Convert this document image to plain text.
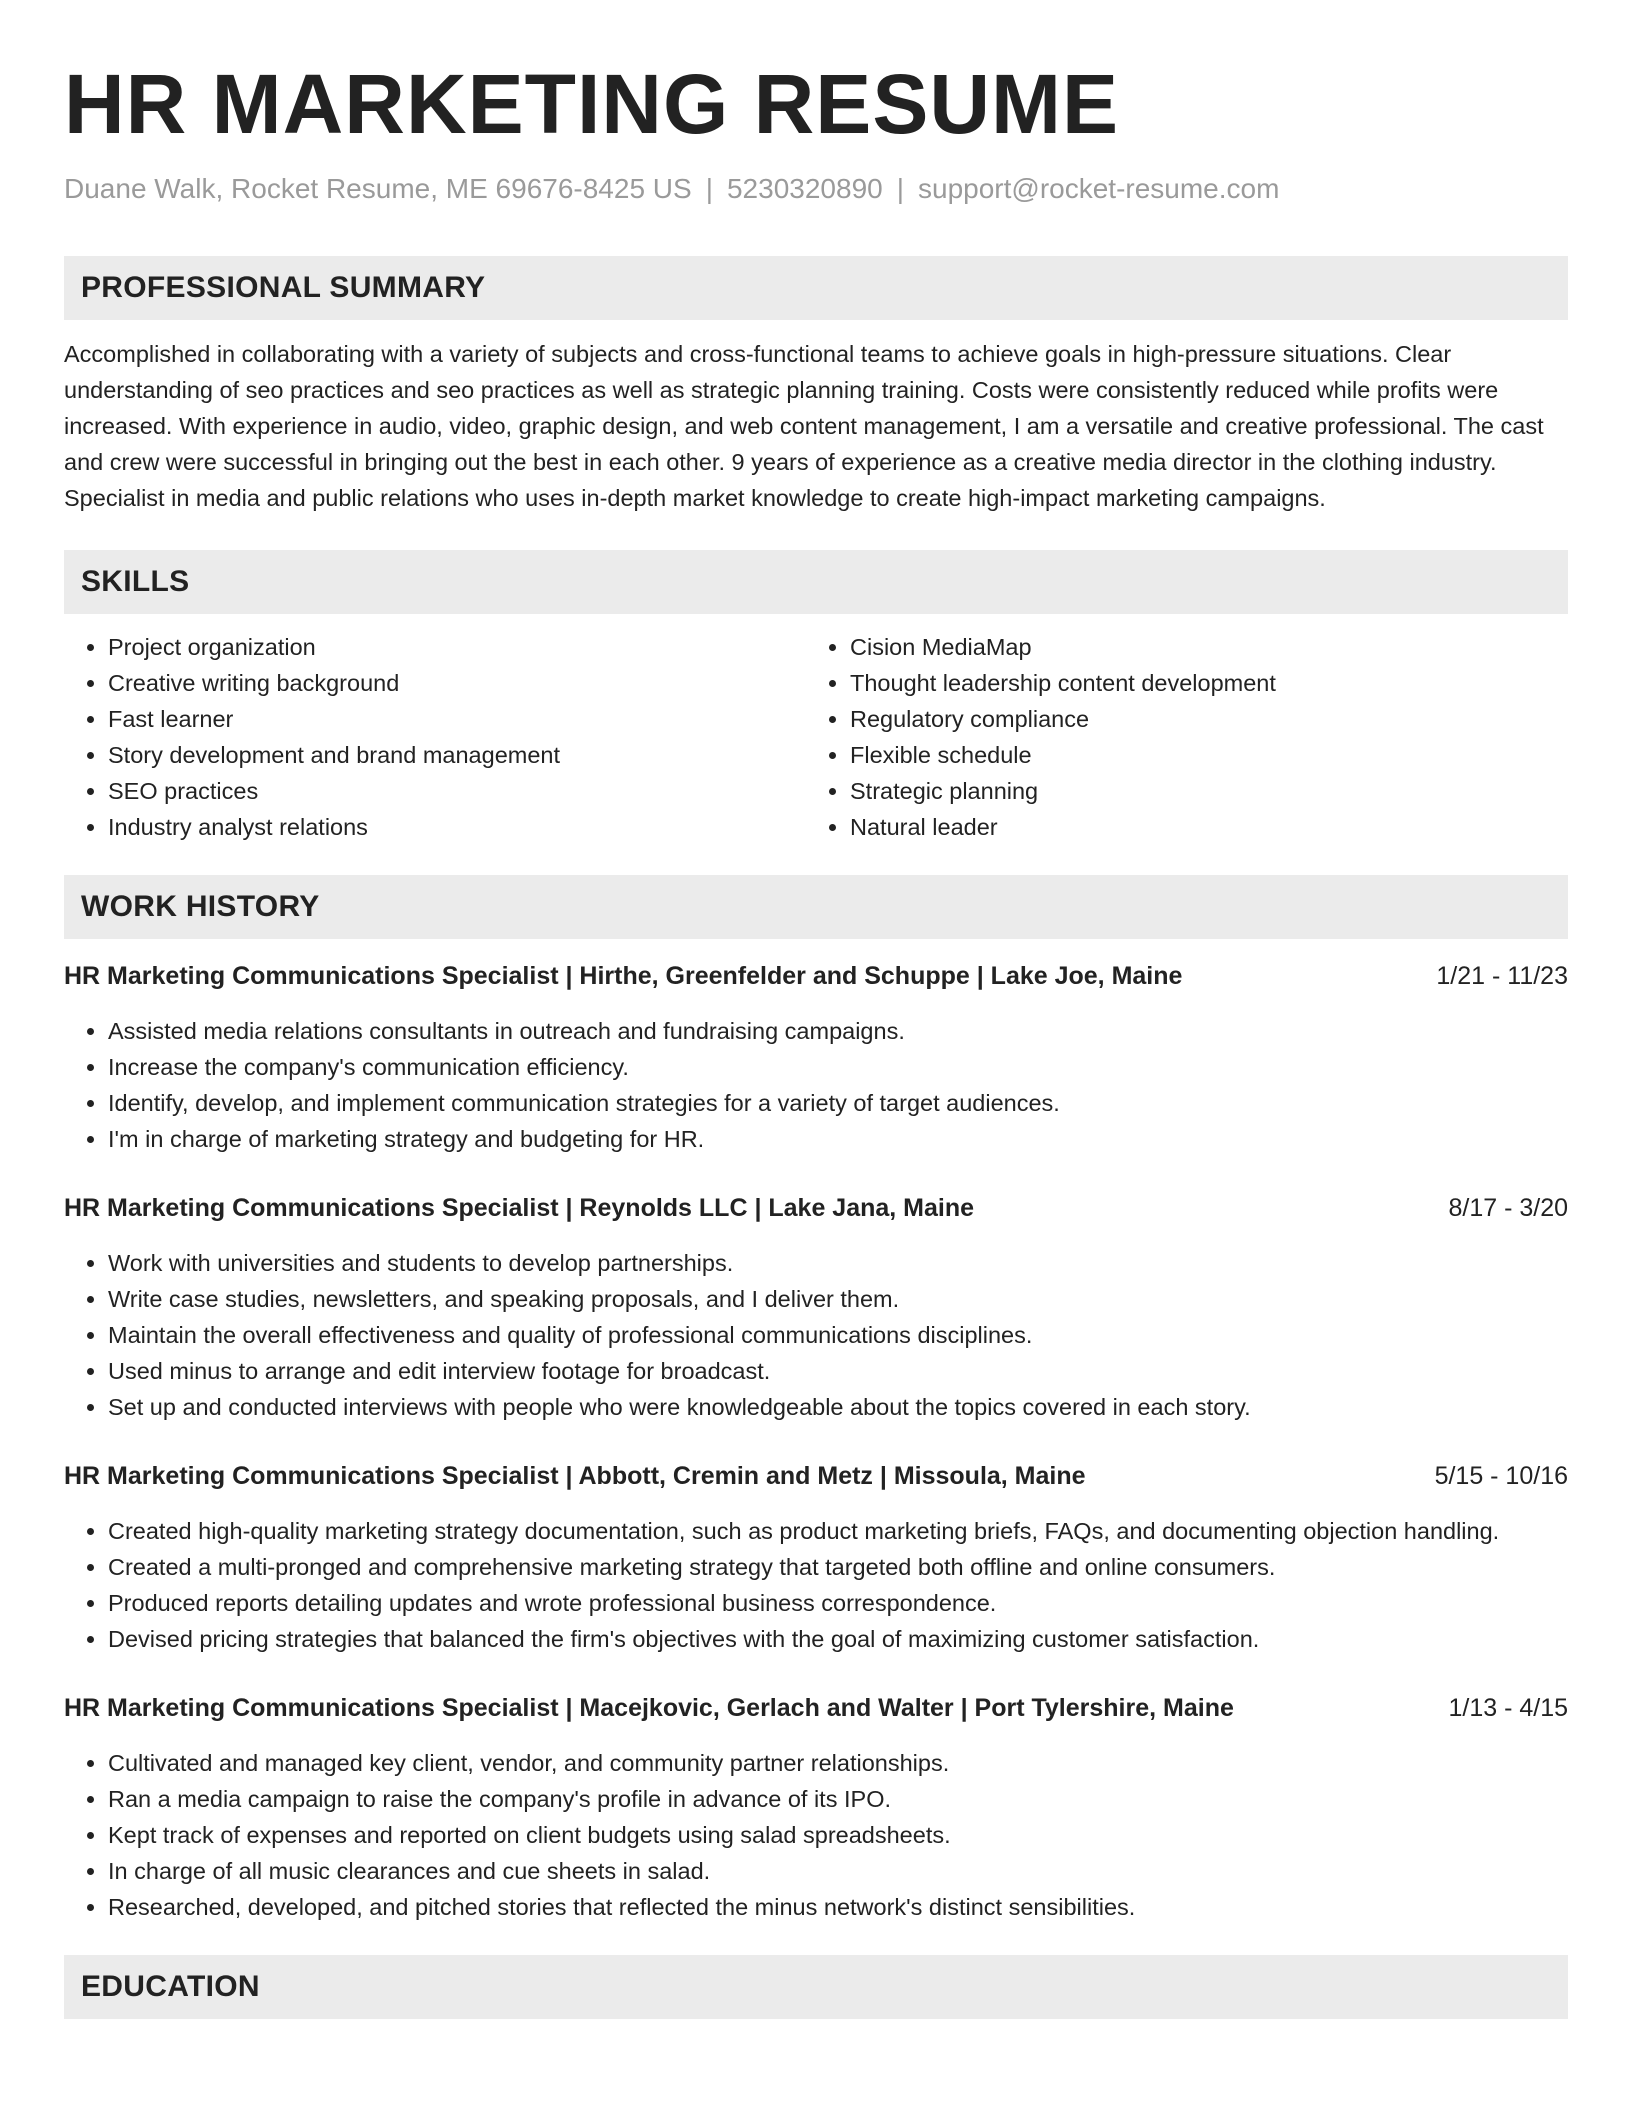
HR MARKETING RESUME
Duane Walk, Rocket Resume, ME 69676-8425 US | 5230320890 | support@rocket-resume.com
PROFESSIONAL SUMMARY

Accomplished in collaborating with a variety of subjects and cross-functional teams to achieve goals in high-pressure situations. Clear understanding of seo practices and seo practices as well as strategic planning training. Costs were consistently reduced while profits were increased. With experience in audio, video, graphic design, and web content management, I am a versatile and creative professional. The cast and crew were successful in bringing out the best in each other. 9 years of experience as a creative media director in the clothing industry. Specialist in media and public relations who uses in-depth market knowledge to create high-impact marketing campaigns.

SKILLS
• Project organization
• Creative writing background
• Fast learner
• Story development and brand management
• SEO practices
• Industry analyst relations
• Cision MediaMap
• Thought leadership content development
• Regulatory compliance
• Flexible schedule
• Strategic planning
• Natural leader
WORK HISTORY
HR Marketing Communications Specialist | Hirthe, Greenfelder and Schuppe | Lake Joe, Maine	1/21 - 11/23
• Assisted media relations consultants in outreach and fundraising campaigns.
• Increase the company's communication efficiency.
• Identify, develop, and implement communication strategies for a variety of target audiences.
• I'm in charge of marketing strategy and budgeting for HR.
HR Marketing Communications Specialist | Reynolds LLC | Lake Jana, Maine	8/17 - 3/20
• Work with universities and students to develop partnerships.
• Write case studies, newsletters, and speaking proposals, and I deliver them.
• Maintain the overall effectiveness and quality of professional communications disciplines.
• Used minus to arrange and edit interview footage for broadcast.
• Set up and conducted interviews with people who were knowledgeable about the topics covered in each story.
HR Marketing Communications Specialist | Abbott, Cremin and Metz | Missoula, Maine	5/15 - 10/16
• Created high-quality marketing strategy documentation, such as product marketing briefs, FAQs, and documenting objection handling.
• Created a multi-pronged and comprehensive marketing strategy that targeted both offline and online consumers.
• Produced reports detailing updates and wrote professional business correspondence.
• Devised pricing strategies that balanced the firm's objectives with the goal of maximizing customer satisfaction.
HR Marketing Communications Specialist | Macejkovic, Gerlach and Walter | Port Tylershire, Maine	1/13 - 4/15
• Cultivated and managed key client, vendor, and community partner relationships.
• Ran a media campaign to raise the company's profile in advance of its IPO.
• Kept track of expenses and reported on client budgets using salad spreadsheets.
• In charge of all music clearances and cue sheets in salad.
• Researched, developed, and pitched stories that reflected the minus network's distinct sensibilities.
EDUCATION
